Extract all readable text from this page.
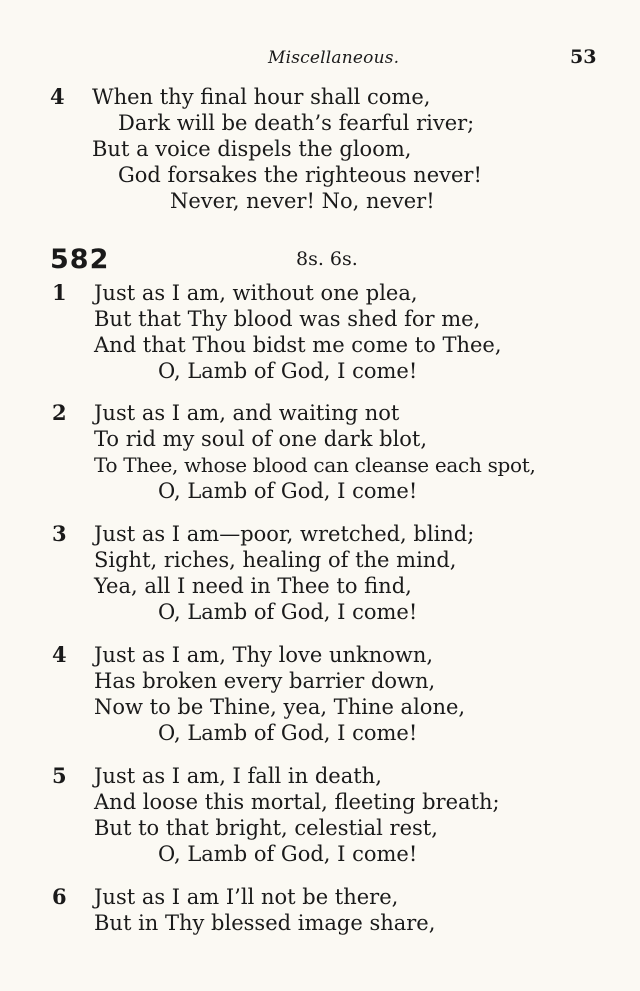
Miscellaneous.	53
4 When thy final hour shall come,
Dark will be death’s fearful river;
But a voice dispels the gloom,
God forsakes the righteous never!
Never, never! No, never!
582	8s. 6s.
1 Just as I am, without one plea,
But that Thy blood was shed for me,
And that Thou bidst me come to Thee,
O, Lamb of God, I come!
2 Just as I am, and waiting not
To rid my soul of one dark blot,
To Thee, whose blood can cleanse each spot,
O, Lamb of God, I come!
3 Just as I am—poor, wretched, blind;
Sight, riches, healing of the mind,
Yea, all I need in Thee to find,
O, Lamb of God, I come!
4 Just as I am, Thy love unknown,
Has broken every barrier down,
Now to be Thine, yea, Thine alone,
O, Lamb of God, I come!
5 Just as I am, I fall in death,
And loose this mortal, fleeting breath;
But to that bright, celestial rest,
O, Lamb of God, I come!
6 Just as I am I’ll not be there,
But in Thy blessed image share,
